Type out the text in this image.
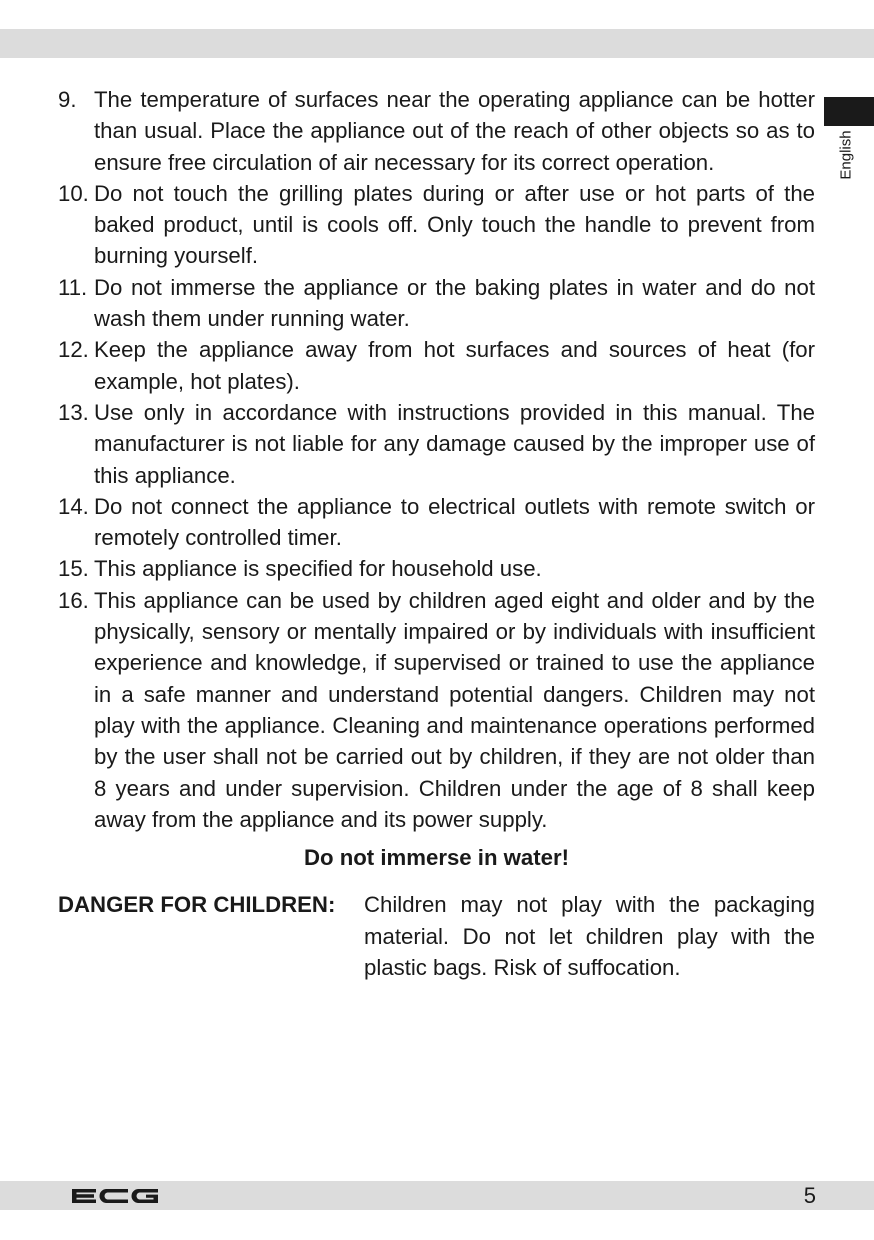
English
9. The temperature of surfaces near the operating appliance can be hotter than usual. Place the appliance out of the reach of other objects so as to ensure free circulation of air necessary for its correct operation.
10. Do not touch the grilling plates during or after use or hot parts of the baked product, until is cools off. Only touch the handle to prevent from burning yourself.
11. Do not immerse the appliance or the baking plates in water and do not wash them under running water.
12. Keep the appliance away from hot surfaces and sources of heat (for example, hot plates).
13. Use only in accordance with instructions provided in this manual. The manufacturer is not liable for any damage caused by the improper use of this appliance.
14. Do not connect the appliance to electrical outlets with remote switch or remotely controlled timer.
15. This appliance is specified for household use.
16. This appliance can be used by children aged eight and older and by the physically, sensory or mentally impaired or by individuals with insufficient experience and knowledge, if supervised or trained to use the appliance in a safe manner and understand potential dangers. Children may not play with the appliance. Cleaning and maintenance operations performed by the user shall not be carried out by children, if they are not older than 8 years and under supervision. Children under the age of 8 shall keep away from the appliance and its power supply.
Do not immerse in water!
DANGER FOR CHILDREN:	Children may not play with the packaging material. Do not let children play with the plastic bags. Risk of suffocation.
5
